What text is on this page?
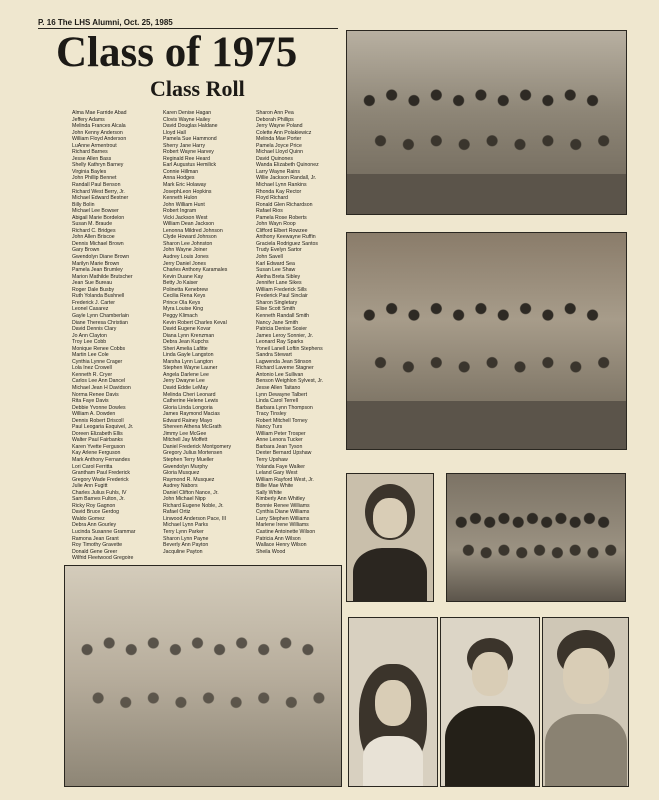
P. 16 The LHS Alumni, Oct. 25, 1985
Class of 1975
Class Roll
Alma Mae Farride Abad
Jeffery Adams
Melinda Frances Alcala
John Kenny Anderson
William Floyd Anderson
LuAnne Armentrout
Richard Barnes
Jesse Allen Bass
Shelly Kathryn Barney
Virginia Bayles
John Phillip Bennet
Randall Paul Benson
Richard West Berry, Jr.
Michael Edward Bestner
Billy Bolin
Michael Lee Bowser
Abigail Marie Bordelon
Susan M. Braude
Richard C. Bridges
John Allen Briscoe
Dennis Michael Brown
Gary Brown
Gwendolyn Diane Brown
Marilyn Marie Brown
Pamela Jean Brumley
Marion Mathilde Brutscher
Jean Sue Bureau
Roger Dale Busby
Ruth Yolanda Bushnell
Frederick J. Carter
Leonel Casarez
Gayle Lynn Chamberlain
Diane Theresa Christian
David Dennis Clary
Jo Ann Clayton
Troy Lee Cobb
Monique Renee Cobbs
Martin Lee Cole
Cynthia Lynne Crager
Lola Inez Crowell
Kenneth R. Cryer
Carlos Lee Ann Dancel
Michael Jean H Davidson
Norma Renee Davis
Rita Faye Davis
Debbie Yvonne Dowles
William A. Dowden
Dennis Robert Driscoll
Paul Leogaria Esquivel, Jr.
Doreen Elizabeth Ellis
Walter Paul Fairbanks
Karen Yvette Ferguson
Kay Arlene Ferguson
Mark Anthony Fernandes
Lori Carol Ferritta
Grantham Paul Frederick
Gregory Wade Frederick
Julie Ann Fugitt
Charles Julius Fuhls, IV
Sam Barnes Fulton, Jr.
Ricky Roy Gagnon
David Bruce Gerdog
Waldo Gomez
Debra Ann Gourley
Lucinda Susanne Grammar
Ramona Jean Grant
Roy Timothy Gravette
Donald Gene Greer
Wilfrid Fleetwood Gregoire
Karen Denise Hagan
Clovis Wayne Hailey
David Douglas Haldane
Lloyd Hall
Pamela Sue Hammond
Sherry Jane Harry
Robert Wayne Harvey
Reginald Ree Heard
Earl Augustus Hemilick
Connie Hillman
Anna Hodges
Mark Eric Holaway
JosephLeon Hopkins
Kenneth Hulon
John William Hunt
Robert Ingram
Vicki Jackson West
William Dean Jackson
Lenonna Mildred Johnson
Clyde Howard Johnson
Sharon Lee Johnston
John Wayne Joiner
Audrey Louis Jones
Jerry Daniel Jones
Charles Anthony Karamales
Kevin Duane Kay
Betty Jo Kaiser
Polinetta Kenebrew
Cecilia Rena Keys
Prince Ola Keys
Myra Louise King
Peggy Klimach
Kevin Robert Charles Keval
David Eugene Kovar
Diana Lynn Krenzman
Debra Jean Kupchs
Sheri Amelia Lafitte
Linda Gayle Langston
Marsha Lynn Langton
Stephen Wayne Launer
Angela Darlene Lee
Jerry Dwayne Lee
David Eddie LeMay
Melinda Cheri Leonard
Catherine Helene Lewis
Gloria Linda Longoria
James Raymond Macias
Edward Rainey Mayo
Shereen Athena McGrath
Jimmy Lee McGee
Mitchell Jay Moffett
Daniel Frederick Montgomery
Gregory Julius Mortensen
Stephen Terry Mueller
Gwendolyn Murphy
Gloria Musquez
Raymond R. Musquez
Audrey Nabors
Daniel Clifton Nance, Jr.
John Michael Nipp
Richard Eugene Noble, Jr.
Rafael Ortiz
Linwood Anderson Pace, III
Michael Lynn Parks
Terry Lynn Parker
Sharon Lynn Payne
Beverly Ann Payton
Jacquline Payton
Sharon Ann Pea
Deborah Phillips
Jerry Wayne Poland
Colette Ann Polakiewicz
Melinda Mae Porter
Pamela Joyce Price
Michael Lloyd Quinn
David Quinones
Wanda Elizabeth Quinonez
Larry Wayne Rains
Willie Jackson Randall, Jr.
Michael Lynn Rankins
Rhonda Kay Rector
Floyd Richard
Ronald Glen Richardson
Rafael Rios
Pamela Rose Roberts
John Wayn Roop
Clifford Elbert Rowzee
Anthony Keewayne Ruffin
Graciela Rodriguez Santos
Trudy Evelyn Sartor
John Savell
Karl Edward Sea
Susan Lee Shaw
Aletha Breta Sibley
Jennifer Lane Sikes
William Frederick Sills
Frederick Paul Sinclair
Sharon Singletary
Elise Scott Smith
Kenneth Randall Smith
Nancy Jane Smith
Patricia Denise Sosier
James Leroy Sonnier, Jr.
Leonard Ray Sparks
Yoneil Lanell Loftin Stephens
Sandra Stewart
Lagwenda Jean Stinson
Richard Laverne Stagner
Antonio Lee Sullivan
Benson Weighlon Sylvest, Jr.
Jesse Allen Taitano
Lynn Dewayne Talbert
Linda Carol Terrell
Barbara Lynn Thompson
Tracy Tinsley
Robert Mitchell Torney
Nancy Turs
William Peter Trosper
Anne Lenora Tucker
Barbara Jean Tyson
Dexter Bernard Upshaw
Terry Upshaw
Yolanda Faye Walker
Leland Gary West
William Rayford West, Jr.
Billie Mae White
Sally White
Kimberly Ann Whitley
Bonnie Renee Williams
Cynthia Diane Williams
Larry Stephen Williams
Marlene Irene Williams
Castine Antoinette Wilson
Patricia Ann Wilson
Wallace Henry Wilson
Sheila Wood
